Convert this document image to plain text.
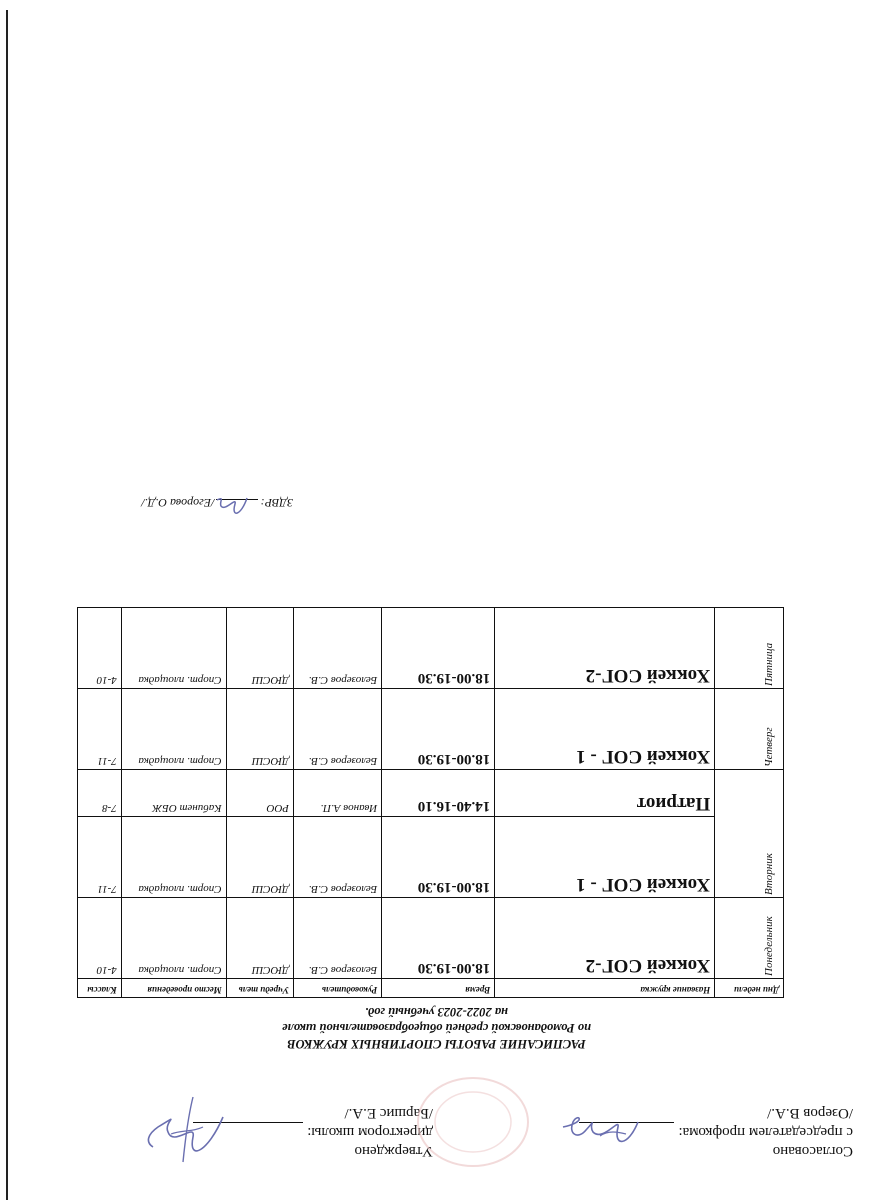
Согласовано
с председателем профкома:
/Озеров В.А./
Утверждено
директором школы:
/Баршис Е.А./
РАСПИСАНИЕ РАБОТЫ СПОРТИВНЫХ КРУЖКОВ
по Ромодановской средней общеобразовательной школе
на 2022-2023 учебный год.
Дни недели	Название кружка	Время	Руководитель	Учреди тель	Место проведения	Классы
Понедельник	Хоккей СОГ-2	18.00-19.30	Белозеров С.В.	ДЮСШ	Спорт. площадка	4-10
Вторник	Хоккей СОГ - 1	18.00-19.30	Белозеров С.В.	ДЮСШ	Спорт. площадка	7-11
	Патриот	14.40-16.10	Иванов А.П.	РОО	Кабинет ОБЖ	7-8
Четверг	Хоккей СОГ - 1	18.00-19.30	Белозеров С.В.	ДЮСШ	Спорт. площадка	7-11
Пятница	Хоккей СОГ-2	18.00-19.30	Белозеров С.В.	ДЮСШ	Спорт. площадка	4-10
ЗДВР:/Егорова О.Д./
